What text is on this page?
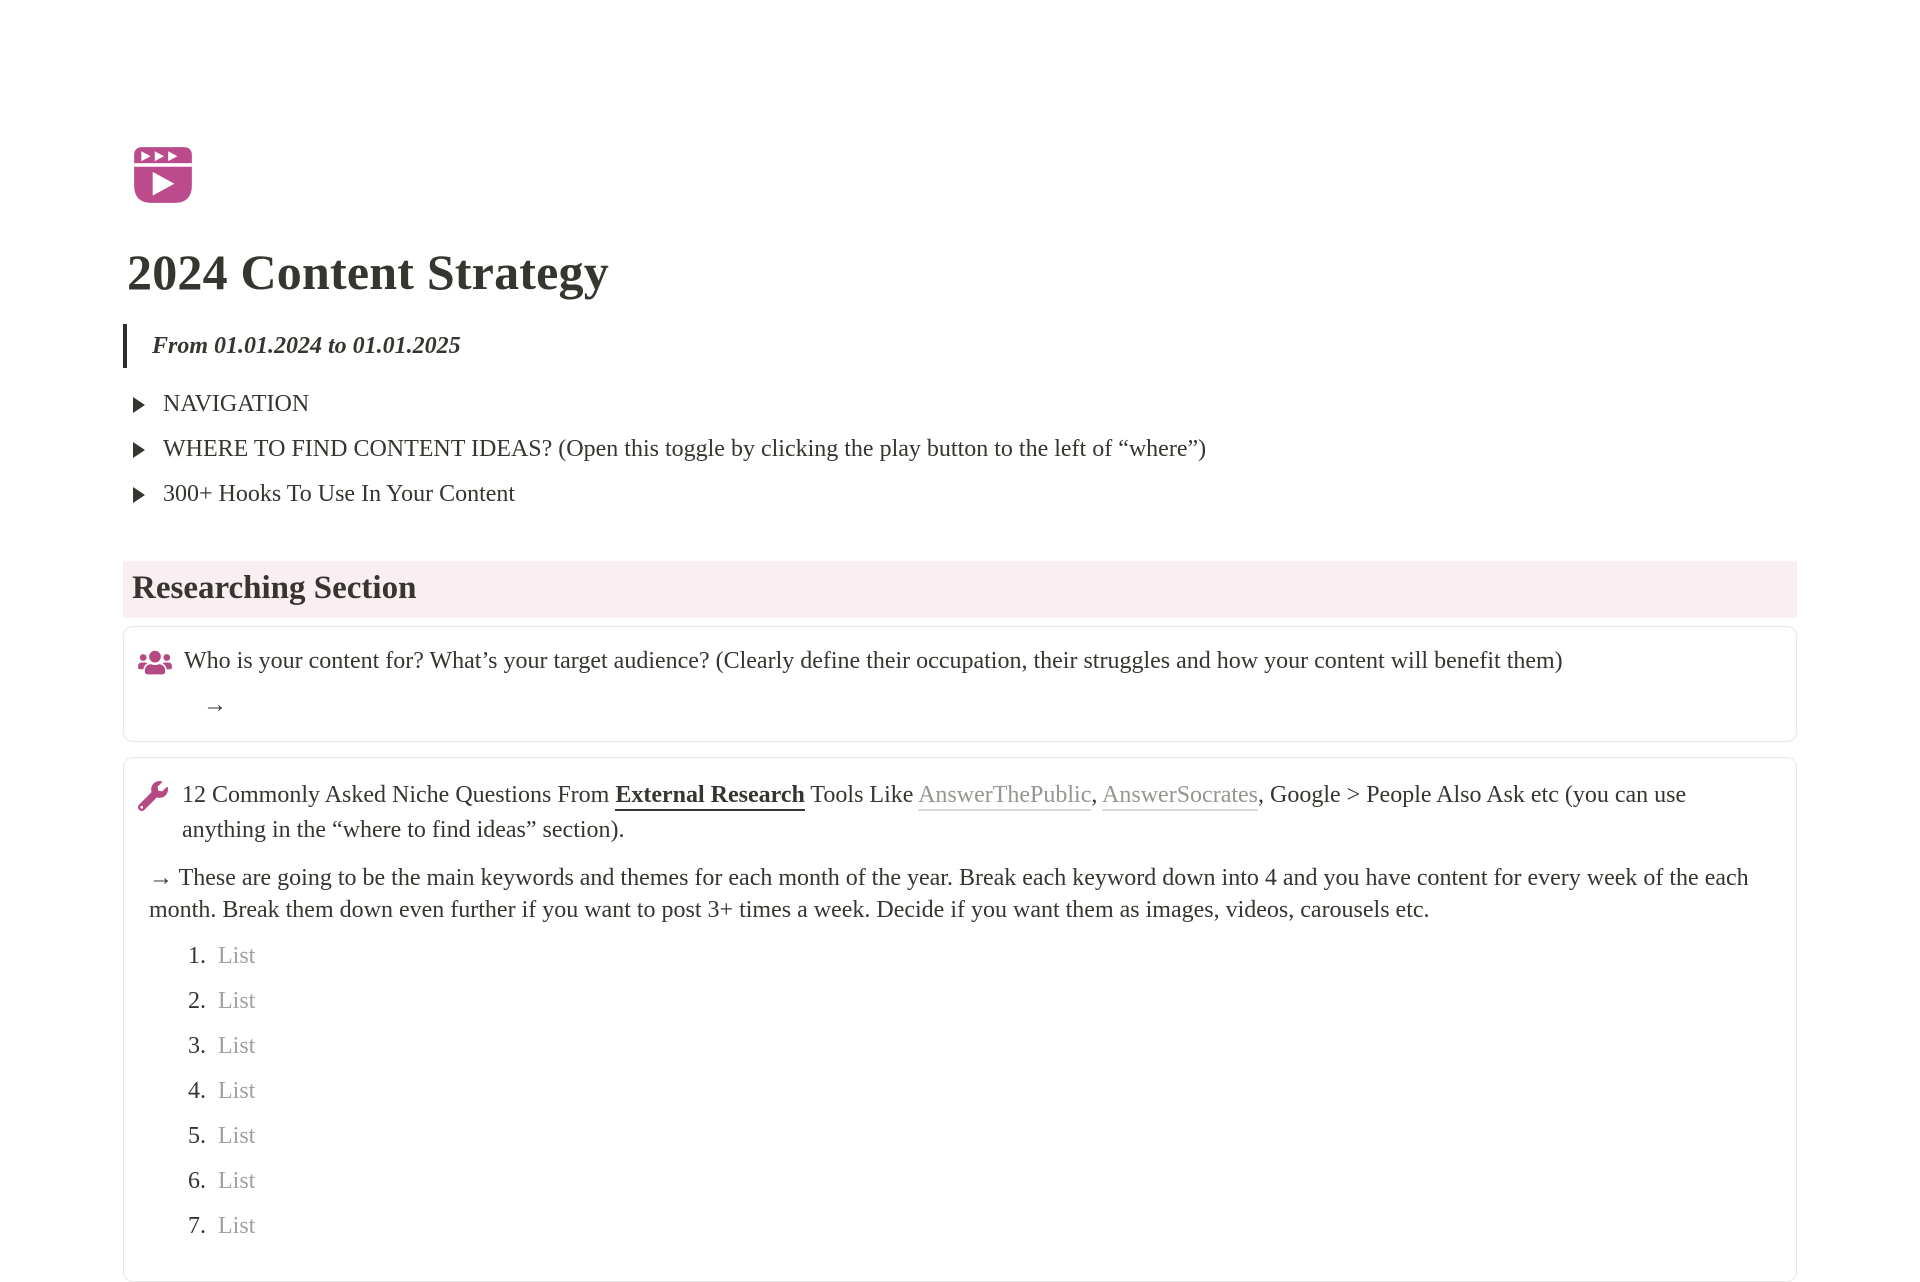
2024 Content Strategy
From 01.01.2024 to 01.01.2025
NAVIGATION
WHERE TO FIND CONTENT IDEAS? (Open this toggle by clicking the play button to the left of “where”)
300+ Hooks To Use In Your Content
Researching Section
Who is your content for? What’s your target audience? (Clearly define their occupation, their struggles and how your content will benefit them)
→
12 Commonly Asked Niche Questions From External Research Tools Like AnswerThePublic, AnswerSocrates, Google > People Also Ask etc (you can use anything in the “where to find ideas” section).

→ These are going to be the main keywords and themes for each month of the year. Break each keyword down into 4 and you have content for every week of the each month. Break them down even further if you want to post 3+ times a week. Decide if you want them as images, videos, carousels etc.

1. List
2. List
3. List
4. List
5. List
6. List
7. List
